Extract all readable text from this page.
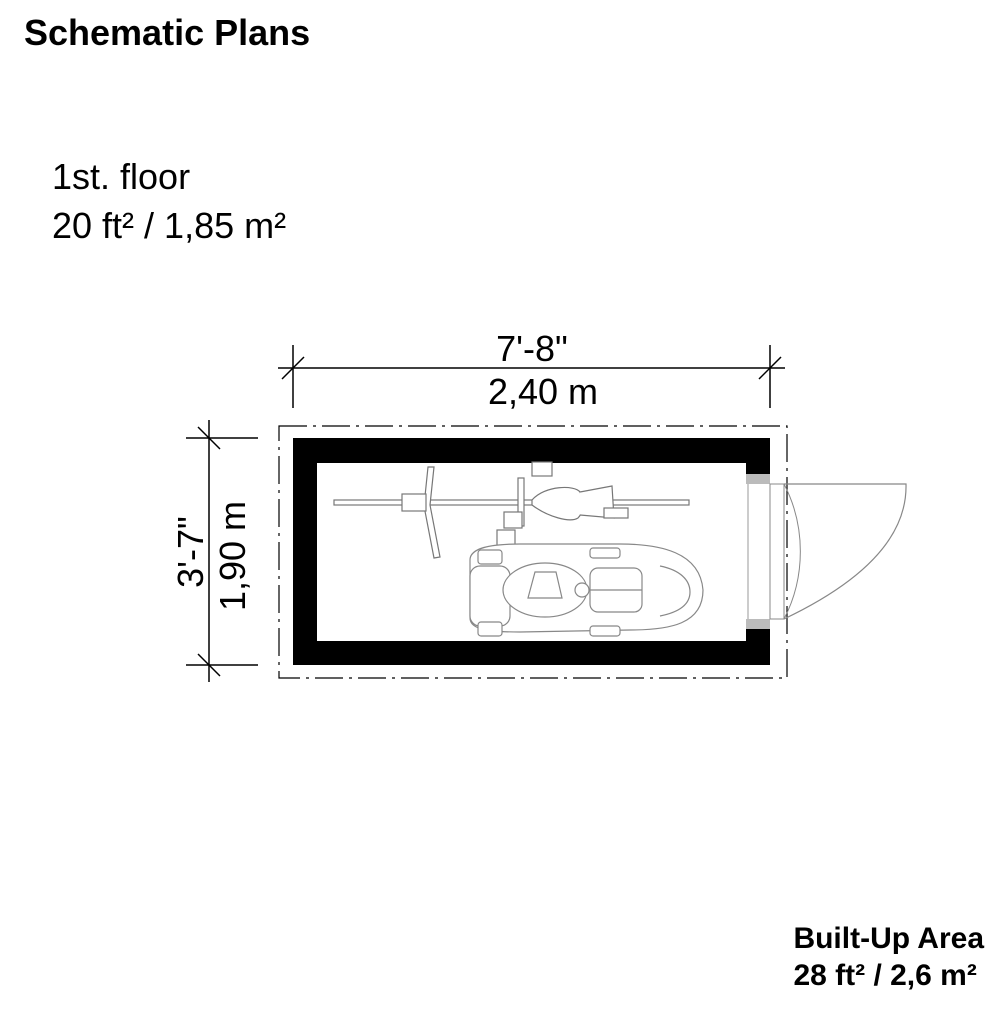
Schematic Plans
1st. floor
20 ft² / 1,85 m²
7'-8"
2,40 m
3'-7" 1,90 m
Built-Up Area
28 ft² / 2,6 m²
